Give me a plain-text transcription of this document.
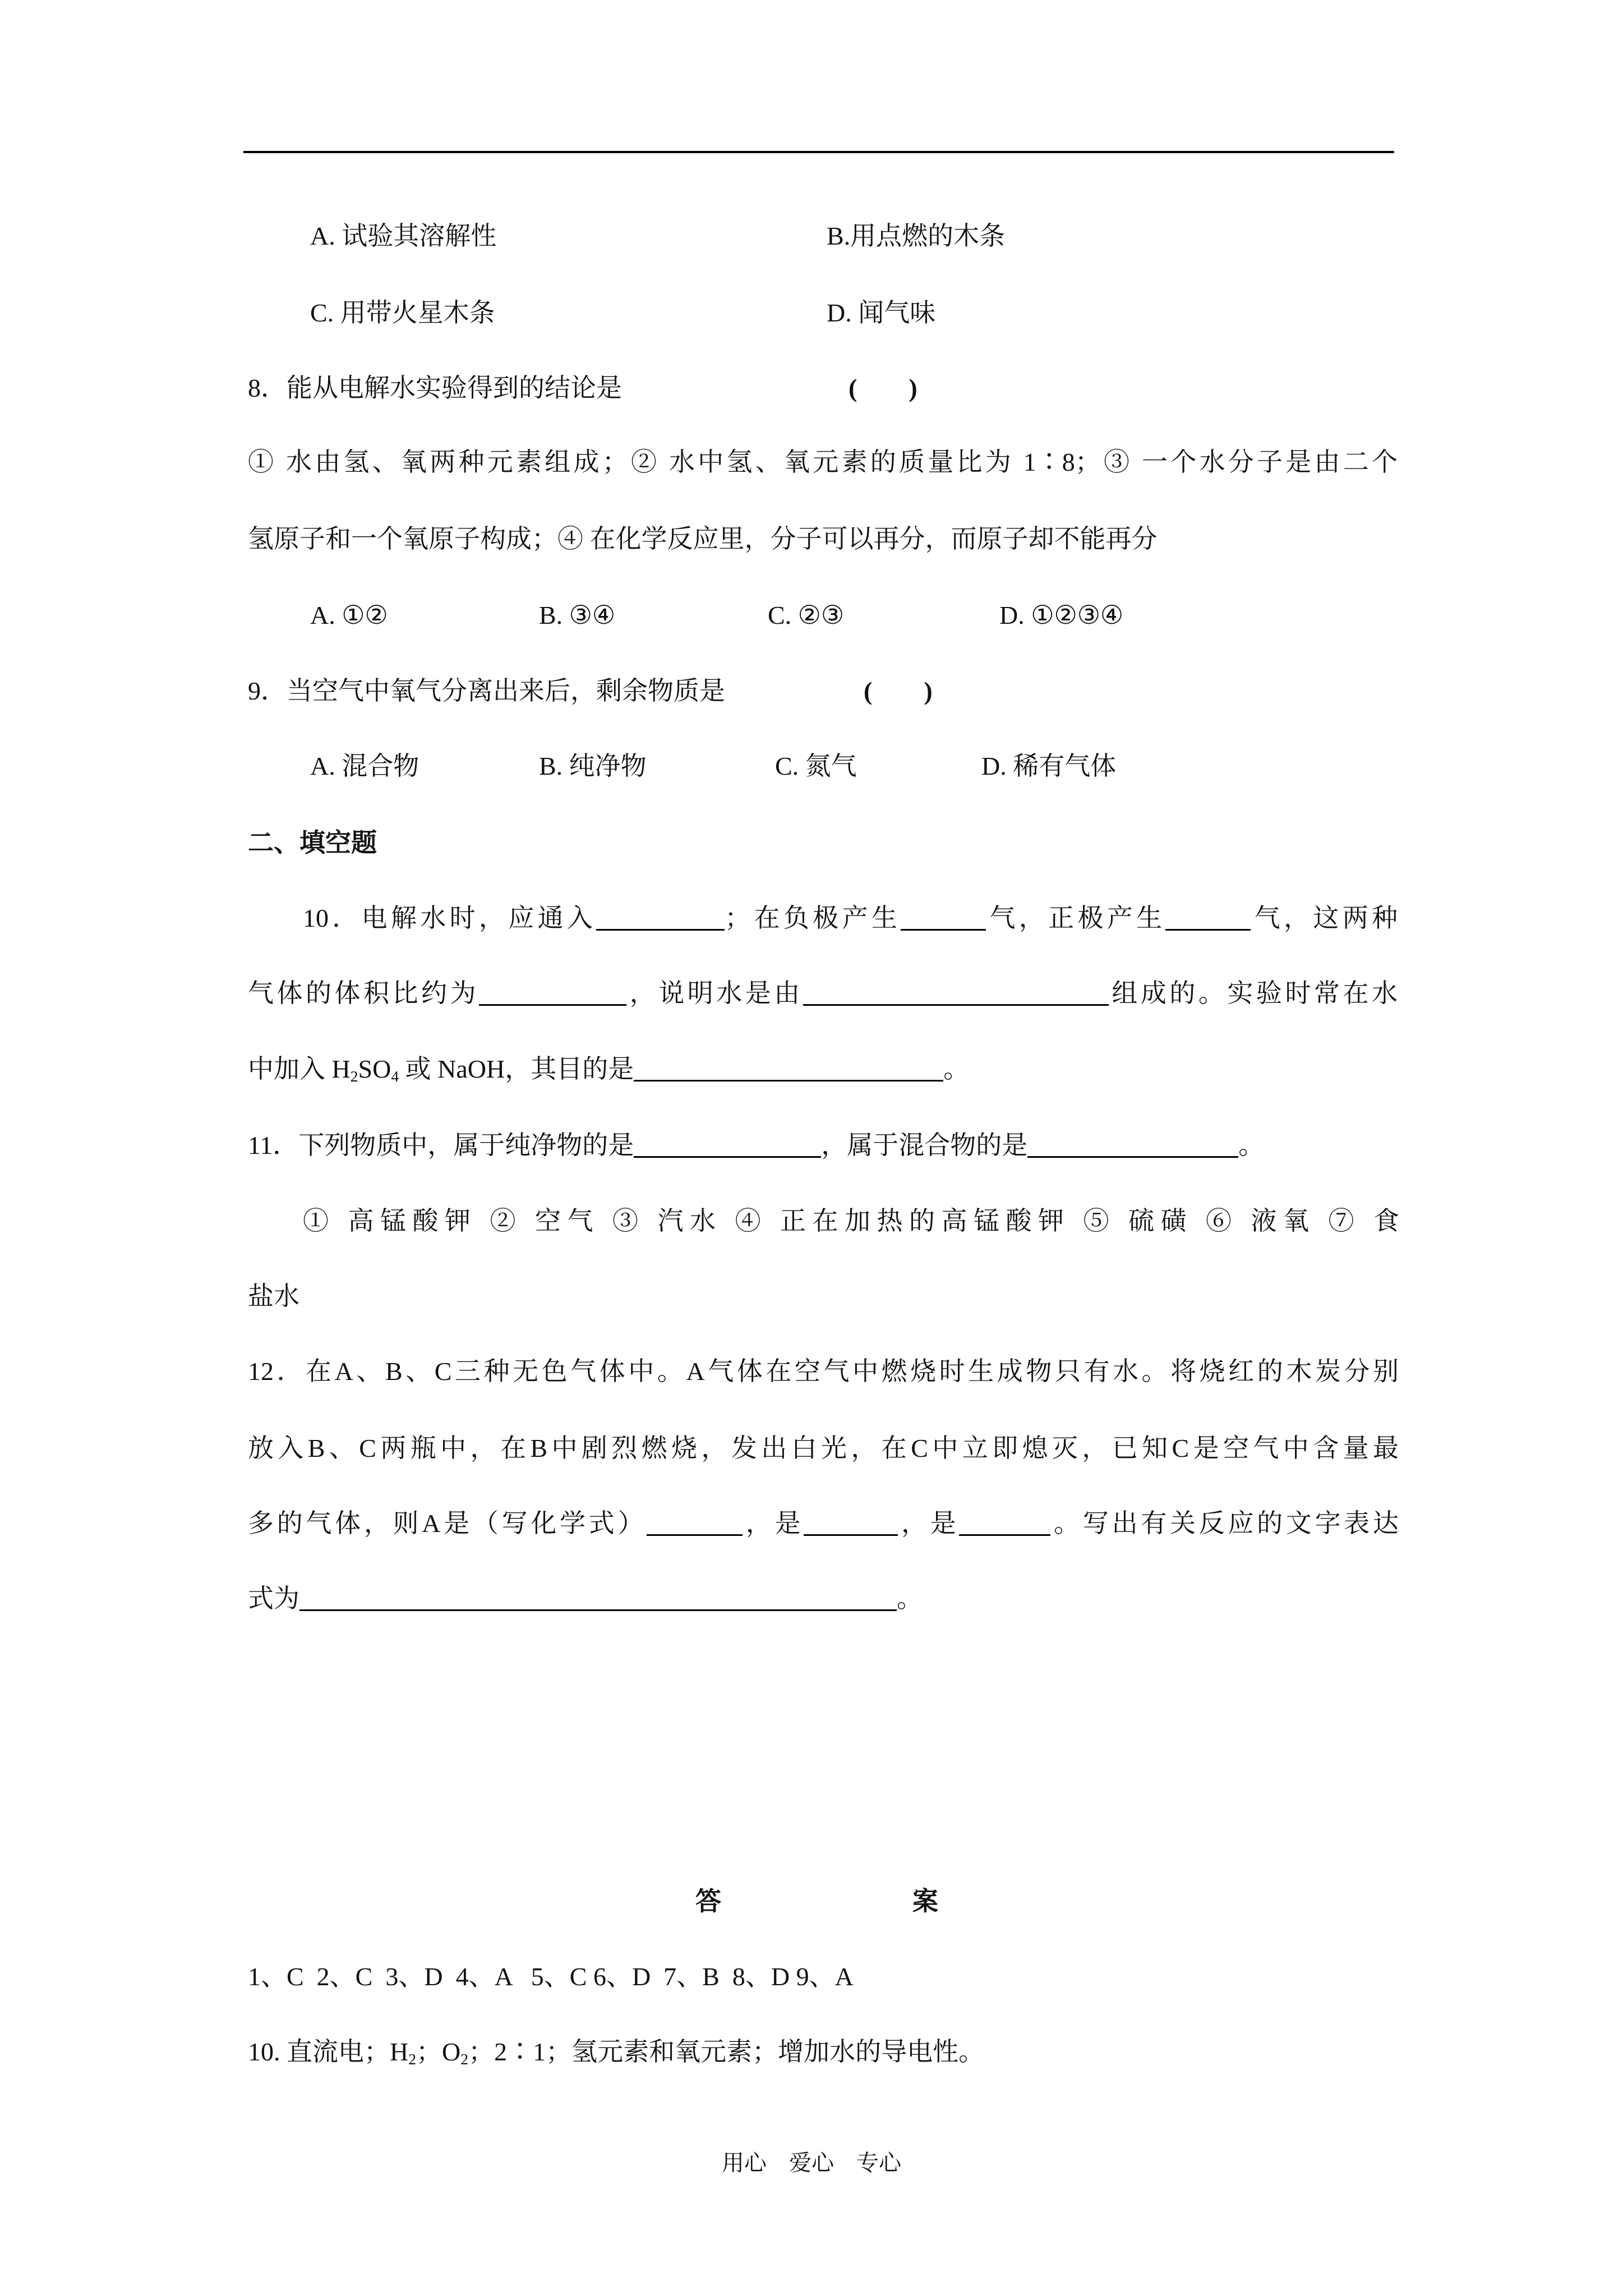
A. 试验其溶解性	B.用点燃的木条
C. 用带火星木条	D. 闻气味
8．能从电解水实验得到的结论是	(　　)
① 水由氢、氧两种元素组成；② 水中氢、氧元素的质量比为 1∶8；③ 一个水分子是由二个
氢原子和一个氧原子构成；④ 在化学反应里，分子可以再分，而原子却不能再分
A. ①②	B. ③④	C. ②③	D. ①②③④
9．当空气中氧气分离出来后，剩余物质是	(　　)
A. 混合物	B. 纯净物	C. 氮气	D. 稀有气体
二、填空题
10．电解水时，应通入	；在负极产生	气，正极产生	气，这两种
气体的体积比约为	，说明水是由	组成的。实验时常在水
中加入 $H_2SO_4$ 或 NaOH，其目的是	。
11．下列物质中，属于纯净物的是	，属于混合物的是	。
① 高锰酸钾 ② 空气 ③ 汽水 ④ 正在加热的高锰酸钾 ⑤ 硫磺 ⑥ 液氧 ⑦ 食
盐水
12．在A、B、C三种无色气体中。A气体在空气中燃烧时生成物只有水。将烧红的木炭分别
放入B、C两瓶中，在B中剧烈燃烧，发出白光，在C中立即熄灭，已知C是空气中含量最
多的气体，则A是（写化学式）	，是	，是	。写出有关反应的文字表达
式为	。
答	案
1、C  2、C  3、D  4、A   5、C 6、D  7、B  8、D 9、A
10. 直流电；$H_2$；$O_2$；2∶1；氢元素和氧元素；增加水的导电性。
用心　爱心　专心
